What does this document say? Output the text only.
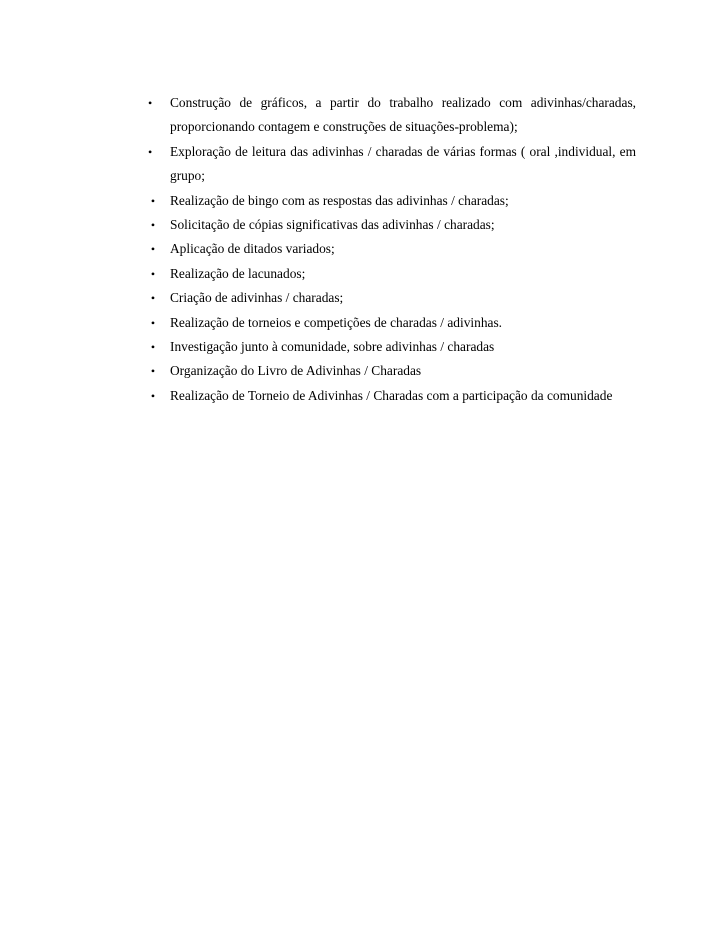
•	Construção de gráficos, a partir do trabalho realizado com adivinhas/charadas, proporcionando contagem e construções de situações-problema);
•	Exploração de leitura das adivinhas / charadas de várias formas ( oral ,individual, em grupo;
• Realização de bingo com as respostas das adivinhas / charadas;
• Solicitação de cópias significativas das adivinhas / charadas;
• Aplicação de ditados variados;
• Realização de lacunados;
• Criação de adivinhas / charadas;
• Realização de torneios e competições de charadas / adivinhas.
• Investigação junto à comunidade, sobre adivinhas / charadas
• Organização do Livro de Adivinhas / Charadas
• Realização de Torneio de Adivinhas / Charadas com a participação da comunidade
